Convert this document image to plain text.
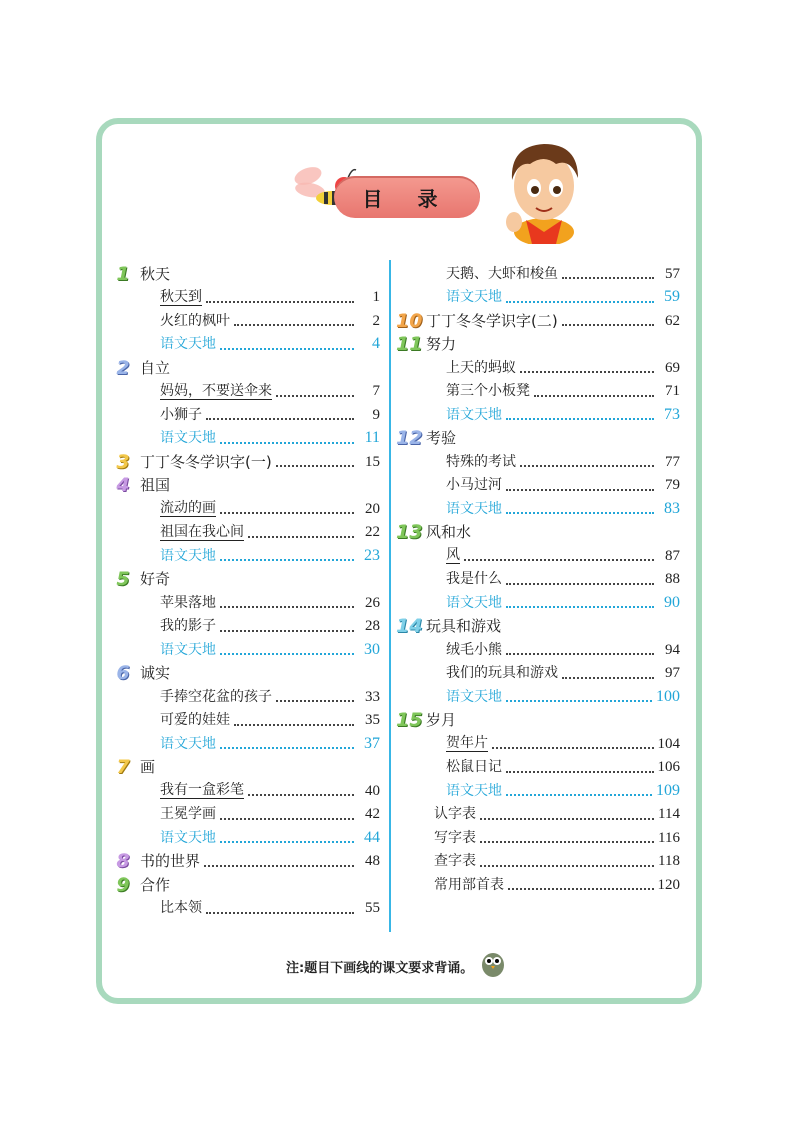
目 录
1 秋天
秋天到	1
火红的枫叶	2
语文天地	4
2 自立
妈妈，不要送伞来	7
小狮子	9
语文天地	11
3 丁丁冬冬学识字(一)	15
4 祖国
流动的画	20
祖国在我心间	22
语文天地	23
5 好奇
苹果落地	26
我的影子	28
语文天地	30
6 诚实
手捧空花盆的孩子	33
可爱的娃娃	35
语文天地	37
7 画
我有一盒彩笔	40
王冕学画	42
语文天地	44
8 书的世界	48
9 合作
比本领	55
天鹅、大虾和梭鱼	57
语文天地	59
10 丁丁冬冬学识字(二)	62
11 努力
上天的蚂蚁	69
第三个小板凳	71
语文天地	73
12 考验
特殊的考试	77
小马过河	79
语文天地	83
13 风和水
风	87
我是什么	88
语文天地	90
14 玩具和游戏
绒毛小熊	94
我们的玩具和游戏	97
语文天地	100
15 岁月
贺年片	104
松鼠日记	106
语文天地	109
认字表	114
写字表	116
查字表	118
常用部首表	120
注:题目下画线的课文要求背诵。
